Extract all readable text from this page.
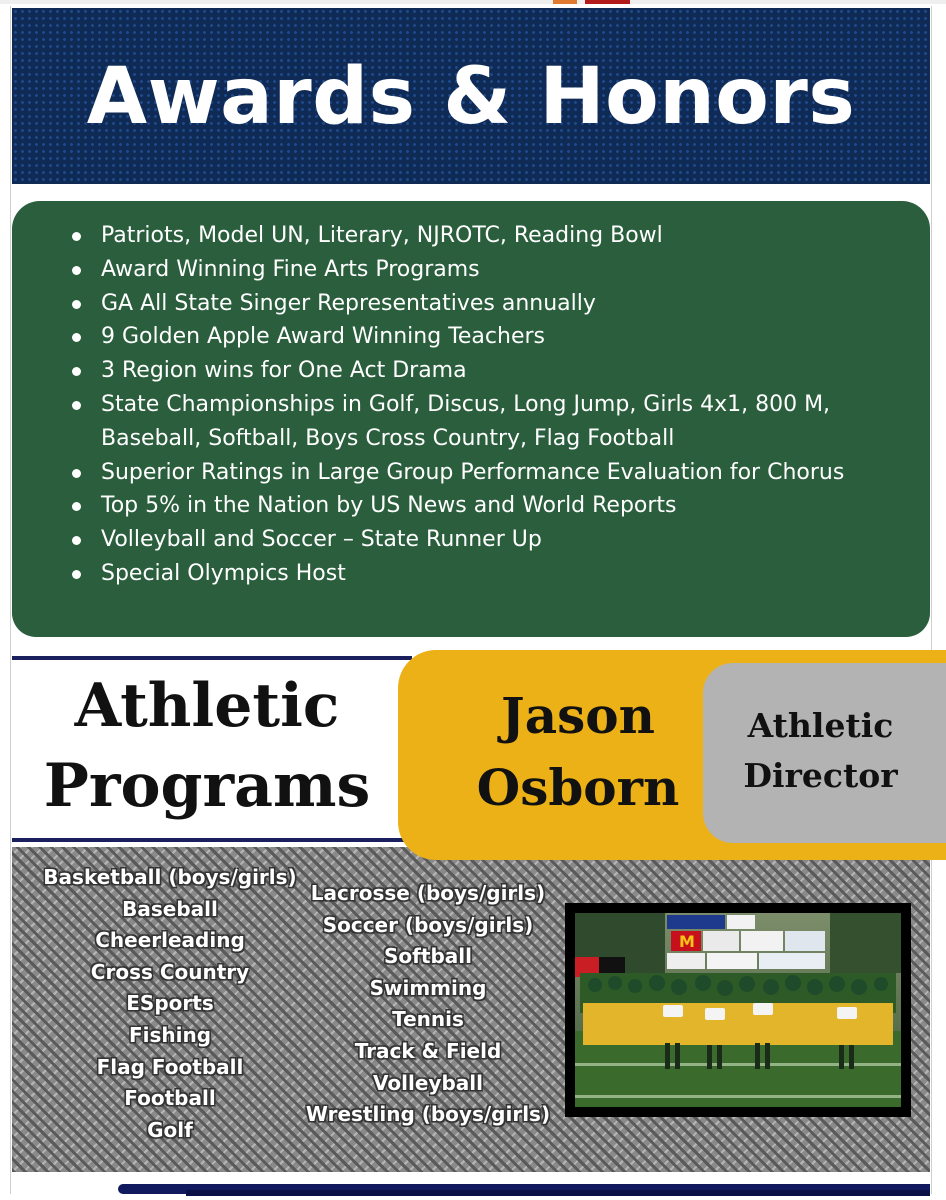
Awards & Honors
Patriots, Model UN, Literary, NJROTC, Reading Bowl
Award Winning Fine Arts Programs
GA All State Singer Representatives annually
9 Golden Apple Award Winning Teachers
3 Region wins for One Act Drama
State Championships in Golf, Discus, Long Jump, Girls 4x1, 800 M, Baseball, Softball, Boys Cross Country, Flag Football
Superior Ratings in Large Group Performance Evaluation for Chorus
Top 5% in the Nation by US News and World Reports
Volleyball and Soccer – State Runner Up
Special Olympics Host
Athletic
Programs
Jason
Osborn
Athletic
Director
Basketball (boys/girls)
Baseball
Cheerleading
Cross Country
ESports
Fishing
Flag Football
Football
Golf
Lacrosse (boys/girls)
Soccer (boys/girls)
Softball
Swimming
Tennis
Track & Field
Volleyball
Wrestling (boys/girls)
M
